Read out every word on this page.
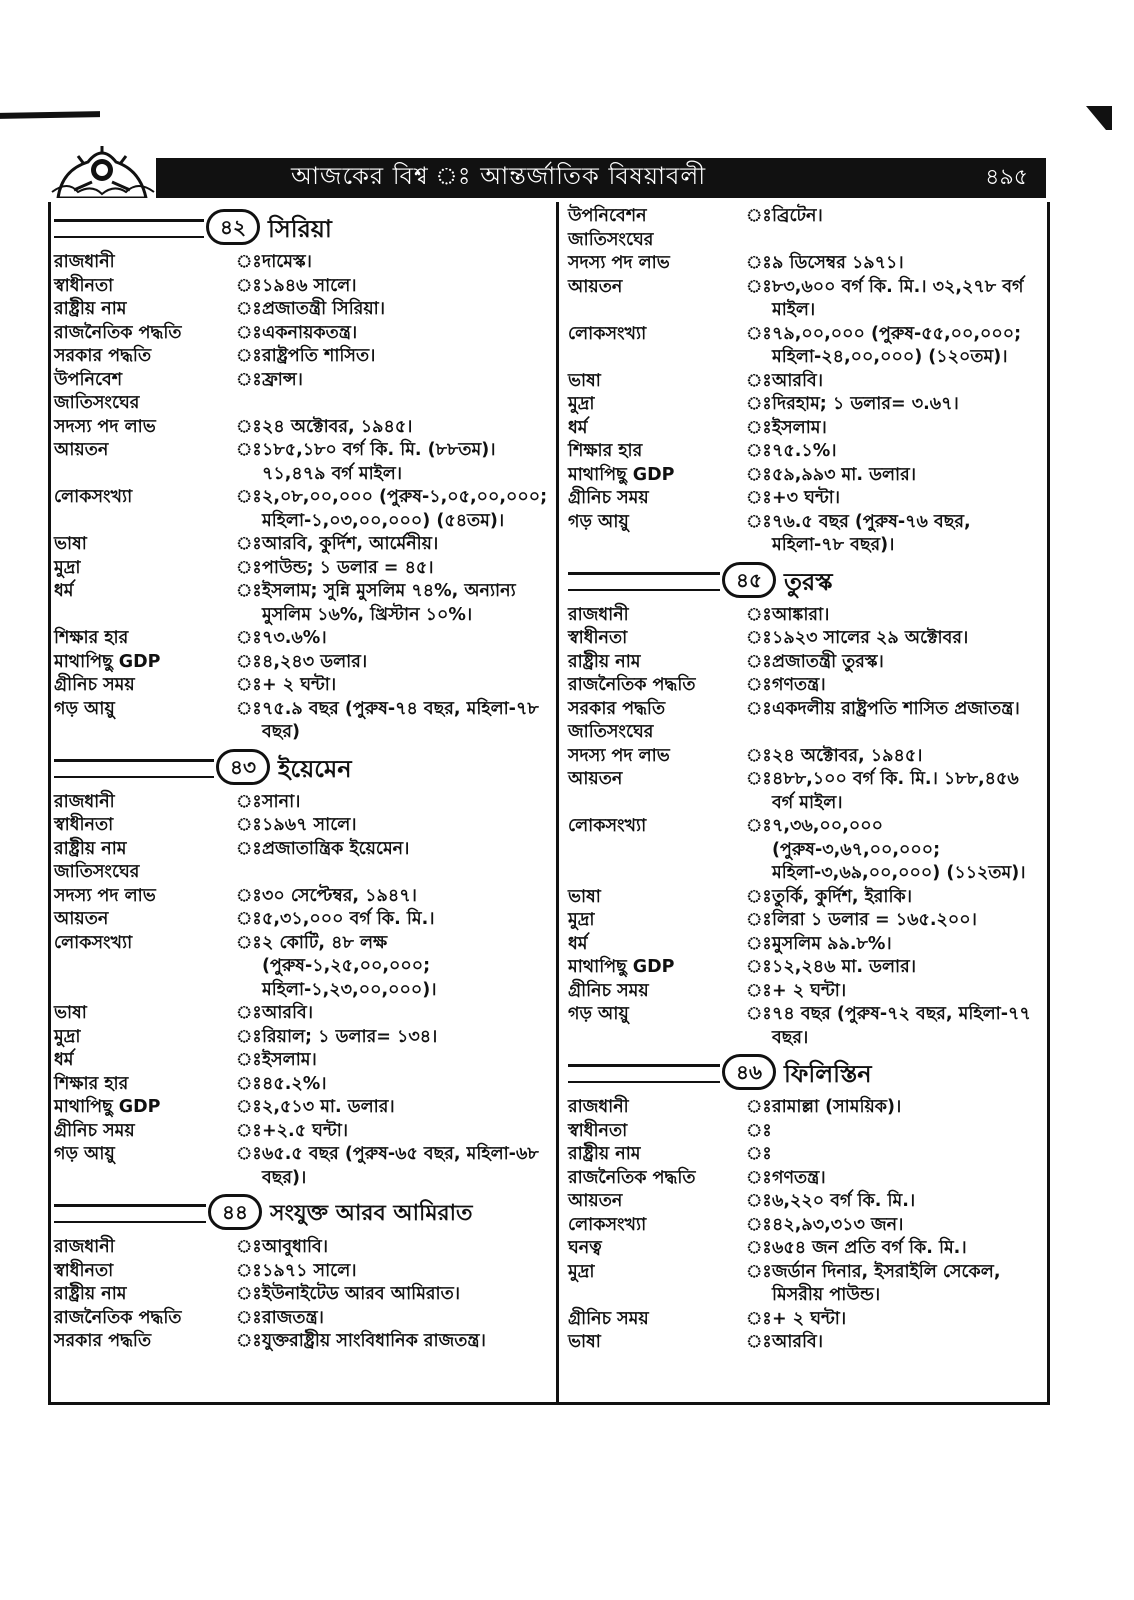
আজকের বিশ্ব ঃ আন্তর্জাতিক বিষয়াবলী	৪৯৫
৪২ সিরিয়া
রাজধানী	ঃ দামেস্ক।
স্বাধীনতা	ঃ ১৯৪৬ সালে।
রাষ্ট্রীয় নাম	ঃ প্রজাতন্ত্রী সিরিয়া।
রাজনৈতিক পদ্ধতি	ঃ একনায়কতন্ত্র।
সরকার পদ্ধতি	ঃ রাষ্ট্রপতি শাসিত।
উপনিবেশ	ঃ ফ্রান্স।
জাতিসংঘের
সদস্য পদ লাভ	ঃ ২৪ অক্টোবর, ১৯৪৫।
আয়তন	ঃ ১৮৫,১৮০ বর্গ কি. মি. (৮৮তম)। ৭১,৪৭৯ বর্গ মাইল।
লোকসংখ্যা	ঃ ২,০৮,০০,০০০ (পুরুষ-১,০৫,০০,০০০; মহিলা-১,০৩,০০,০০০) (৫৪তম)।
ভাষা	ঃ আরবি, কুর্দিশ, আর্মেনীয়।
মুদ্রা	ঃ পাউন্ড; ১ ডলার = ৪৫।
ধর্ম	ঃ ইসলাম; সুন্নি মুসলিম ৭৪%, অন্যান্য মুসলিম ১৬%, খ্রিস্টান ১০%।
শিক্ষার হার	ঃ ৭৩.৬%।
মাথাপিছু GDP	ঃ ৪,২৪৩ ডলার।
গ্রীনিচ সময়	ঃ + ২ ঘন্টা।
গড় আয়ু	ঃ ৭৫.৯ বছর (পুরুষ-৭৪ বছর, মহিলা-৭৮ বছর)
৪৩ ইয়েমেন
রাজধানী	ঃ সানা।
স্বাধীনতা	ঃ ১৯৬৭ সালে।
রাষ্ট্রীয় নাম	ঃ প্রজাতান্ত্রিক ইয়েমেন।
জাতিসংঘের
সদস্য পদ লাভ	ঃ ৩০ সেপ্টেম্বর, ১৯৪৭।
আয়তন	ঃ ৫,৩১,০০০ বর্গ কি. মি.।
লোকসংখ্যা	ঃ ২ কোটি, ৪৮ লক্ষ (পুরুষ-১,২৫,০০,০০০; মহিলা-১,২৩,০০,০০০)।
ভাষা	ঃ আরবি।
মুদ্রা	ঃ রিয়াল; ১ ডলার= ১৩৪।
ধর্ম	ঃ ইসলাম।
শিক্ষার হার	ঃ ৪৫.২%।
মাথাপিছু GDP	ঃ ২,৫১৩ মা. ডলার।
গ্রীনিচ সময়	ঃ +২.৫ ঘন্টা।
গড় আয়ু	ঃ ৬৫.৫ বছর (পুরুষ-৬৫ বছর, মহিলা-৬৮ বছর)।
৪৪	সংযুক্ত আরব আমিরাত
রাজধানী	ঃ আবুধাবি।
স্বাধীনতা	ঃ ১৯৭১ সালে।
রাষ্ট্রীয় নাম	ঃ ইউনাইটেড আরব আমিরাত।
রাজনৈতিক পদ্ধতি	ঃ রাজতন্ত্র।
সরকার পদ্ধতি	ঃ যুক্তরাষ্ট্রীয় সাংবিধানিক রাজতন্ত্র।
উপনিবেশন	ঃ ব্রিটেন।
জাতিসংঘের
সদস্য পদ লাভ	ঃ ৯ ডিসেম্বর ১৯৭১।
আয়তন	ঃ ৮৩,৬০০ বর্গ কি. মি.। ৩২,২৭৮ বর্গ মাইল।
লোকসংখ্যা	ঃ ৭৯,০০,০০০ (পুরুষ-৫৫,০০,০০০; মহিলা-২৪,০০,০০০) (১২০তম)।
ভাষা	ঃ আরবি।
মুদ্রা	ঃ দিরহাম; ১ ডলার= ৩.৬৭।
ধর্ম	ঃ ইসলাম।
শিক্ষার হার	ঃ ৭৫.১%।
মাথাপিছু GDP	ঃ ৫৯,৯৯৩ মা. ডলার।
গ্রীনিচ সময়	ঃ +৩ ঘন্টা।
গড় আয়ু	ঃ ৭৬.৫ বছর (পুরুষ-৭৬ বছর, মহিলা-৭৮ বছর)।
৪৫ তুরস্ক
রাজধানী	ঃ আঙ্কারা।
স্বাধীনতা	ঃ ১৯২৩ সালের ২৯ অক্টোবর।
রাষ্ট্রীয় নাম	ঃ প্রজাতন্ত্রী তুরস্ক।
রাজনৈতিক পদ্ধতি	ঃ গণতন্ত্র।
সরকার পদ্ধতি	ঃ একদলীয় রাষ্ট্রপতি শাসিত প্রজাতন্ত্র।
জাতিসংঘের
সদস্য পদ লাভ	ঃ ২৪ অক্টোবর, ১৯৪৫।
আয়তন	ঃ ৪৮৮,১০০ বর্গ কি. মি.। ১৮৮,৪৫৬ বর্গ মাইল।
লোকসংখ্যা	ঃ ৭,৩৬,০০,০০০ (পুরুষ-৩,৬৭,০০,০০০; মহিলা-৩,৬৯,০০,০০০) (১১২তম)।
ভাষা	ঃ তুর্কি, কুর্দিশ, ইরাকি।
মুদ্রা	ঃ লিরা ১ ডলার = ১৬৫.২০০।
ধর্ম	ঃ মুসলিম ৯৯.৮%।
মাথাপিছু GDP	ঃ ১২,২৪৬ মা. ডলার।
গ্রীনিচ সময়	ঃ + ২ ঘন্টা।
গড় আয়ু	ঃ ৭৪ বছর (পুরুষ-৭২ বছর, মহিলা-৭৭ বছর।
৪৬ ফিলিস্তিন
রাজধানী	ঃ রামাল্লা (সাময়িক)।
স্বাধীনতা	ঃ
রাষ্ট্রীয় নাম	ঃ
রাজনৈতিক পদ্ধতি	ঃ গণতন্ত্র।
আয়তন	ঃ ৬,২২০ বর্গ কি. মি.।
লোকসংখ্যা	ঃ ৪২,৯৩,৩১৩ জন।
ঘনত্ব	ঃ ৬৫৪ জন প্রতি বর্গ কি. মি.।
মুদ্রা	ঃ জর্ডান দিনার, ইসরাইলি সেকেল, মিসরীয় পাউন্ড।
গ্রীনিচ সময়	ঃ + ২ ঘন্টা।
ভাষা	ঃ আরবি।
